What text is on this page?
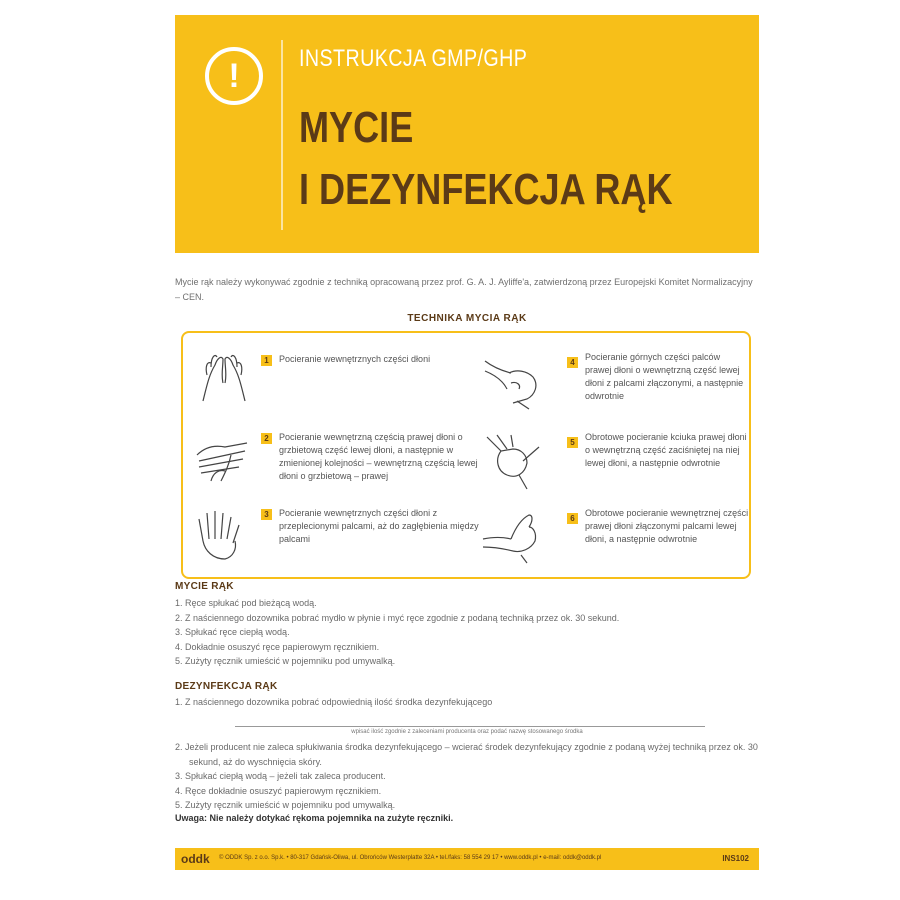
!	INSTRUKCJA GMP/GHP
MYCIE
I DEZYNFEKCJA RĄK
Mycie rąk należy wykonywać zgodnie z techniką opracowaną przez prof. G. A. J. Ayliffe'a, zatwierdzoną przez Europejski Komitet Normalizacyjny – CEN.
TECHNIKA MYCIA RĄK
1	Pocieranie wewnętrznych części dłoni
2	Pocieranie wewnętrzną częścią prawej dłoni o grzbietową część lewej dłoni, a następnie w zmienionej kolejności – wewnętrzną częścią lewej dłoni o grzbietową – prawej
3	Pocieranie wewnętrznych części dłoni z przeplecionymi palcami, aż do zagłębienia między palcami
4
Pocieranie górnych części palców prawej dłoni o wewnętrzną część lewej dłoni z palcami złączonymi, a następnie odwrotnie
5
Obrotowe pocieranie kciuka prawej dłoni o wewnętrzną część zaciśniętej na niej lewej dłoni, a następnie odwrotnie
6
Obrotowe pocieranie wewnętrznej części prawej dłoni złączonymi palcami lewej dłoni, a następnie odwrotnie
MYCIE RĄK
1. Ręce spłukać pod bieżącą wodą.
2. Z naściennego dozownika pobrać mydło w płynie i myć ręce zgodnie z podaną techniką przez ok. 30 sekund.
3. Spłukać ręce ciepłą wodą.
4. Dokładnie osuszyć ręce papierowym ręcznikiem.
5. Zużyty ręcznik umieścić w pojemniku pod umywalką.
DEZYNFEKCJA RĄK
1. Z naściennego dozownika pobrać odpowiednią ilość środka dezynfekującego
wpisać ilość zgodnie z zaleceniami producenta oraz podać nazwę stosowanego środka
2. Jeżeli producent nie zaleca spłukiwania środka dezynfekującego – wcierać środek dezynfekujący zgodnie z podaną wyżej techniką przez ok. 30 sekund, aż do wyschnięcia skóry.
3. Spłukać ciepłą wodą – jeżeli tak zaleca producent.
4. Ręce dokładnie osuszyć papierowym ręcznikiem.
5. Zużyty ręcznik umieścić w pojemniku pod umywalką.
Uwaga: Nie należy dotykać rękoma pojemnika na zużyte ręczniki.
oddk © ODDK Sp. z o.o. Sp.k. • 80-317 Gdańsk-Oliwa, ul. Obrońców Westerplatte 32A • tel./faks: 58 554 29 17 • www.oddk.pl • e-mail: oddk@oddk.pl	INS102
